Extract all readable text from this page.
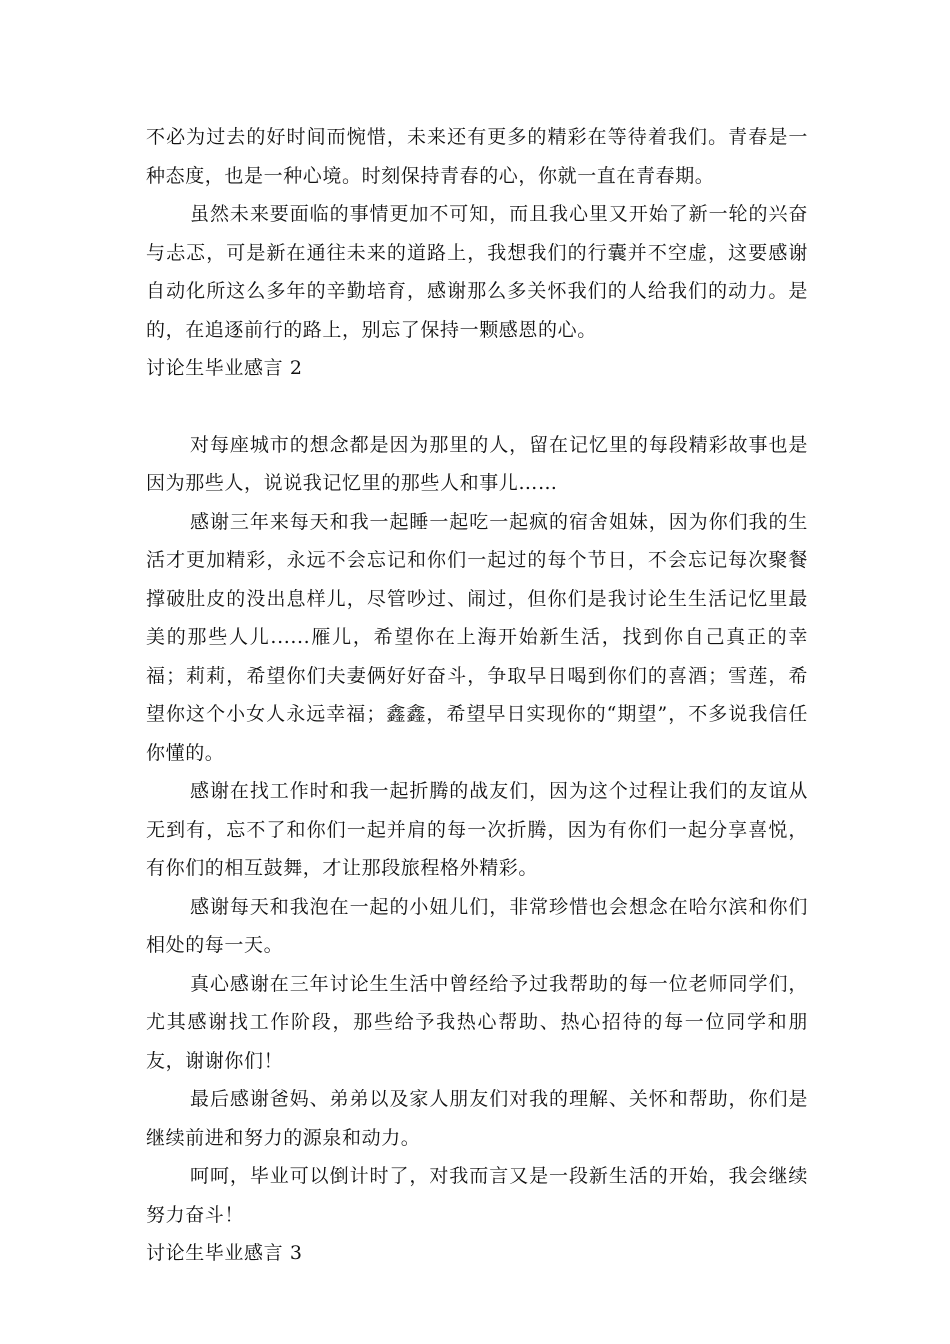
不必为过去的好时间而惋惜，未来还有更多的精彩在等待着我们。青春是一种态度，也是一种心境。时刻保持青春的心，你就一直在青春期。

虽然未来要面临的事情更加不可知，而且我心里又开始了新一轮的兴奋与忐忑，可是新在通往未来的道路上，我想我们的行囊并不空虚，这要感谢自动化所这么多年的辛勤培育，感谢那么多关怀我们的人给我们的动力。是的，在追逐前行的路上，别忘了保持一颗感恩的心。

讨论生毕业感言 2

对每座城市的想念都是因为那里的人，留在记忆里的每段精彩故事也是因为那些人，说说我记忆里的那些人和事儿……

感谢三年来每天和我一起睡一起吃一起疯的宿舍姐妹，因为你们我的生活才更加精彩，永远不会忘记和你们一起过的每个节日，不会忘记每次聚餐撑破肚皮的没出息样儿，尽管吵过、闹过，但你们是我讨论生生活记忆里最美的那些人儿......雁儿，希望你在上海开始新生活，找到你自己真正的幸福；莉莉，希望你们夫妻俩好好奋斗，争取早日喝到你们的喜酒；雪莲，希望你这个小女人永远幸福；鑫鑫，希望早日实现你的“期望”，不多说我信任你懂的。

感谢在找工作时和我一起折腾的战友们，因为这个过程让我们的友谊从无到有，忘不了和你们一起并肩的每一次折腾，因为有你们一起分享喜悦，有你们的相互鼓舞，才让那段旅程格外精彩。

感谢每天和我泡在一起的小妞儿们，非常珍惜也会想念在哈尔滨和你们相处的每一天。

真心感谢在三年讨论生生活中曾经给予过我帮助的每一位老师同学们，尤其感谢找工作阶段，那些给予我热心帮助、热心招待的每一位同学和朋友，谢谢你们！

最后感谢爸妈、弟弟以及家人朋友们对我的理解、关怀和帮助，你们是继续前进和努力的源泉和动力。

呵呵，毕业可以倒计时了，对我而言又是一段新生活的开始，我会继续努力奋斗！

讨论生毕业感言 3
